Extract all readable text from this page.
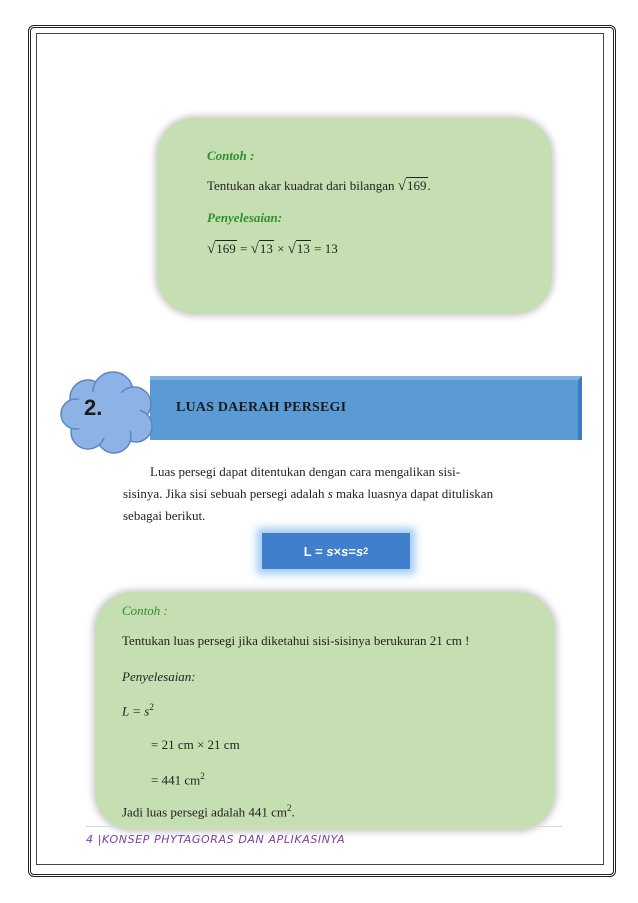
Contoh :
Tentukan akar kuadrat dari bilangan √169.
Penyelesaian:
√169 = √13 × √13 = 13
2.	LUAS DAERAH PERSEGI
Luas persegi dapat ditentukan dengan cara mengalikan sisi-
sisinya. Jika sisi sebuah persegi adalah s maka luasnya dapat dituliskan
sebagai berikut.
L =
s × s = s 2
Contoh :
Tentukan luas persegi jika diketahui sisi-sisinya berukuran 21 cm !
Penyelesaian:
$L = s^2$
= 21 cm × 21 cm
= 441 $cm^2$
Jadi luas persegi adalah 441 $cm^2$.
4 |KONSEP PHYTAGORAS DAN APLIKASINYA
